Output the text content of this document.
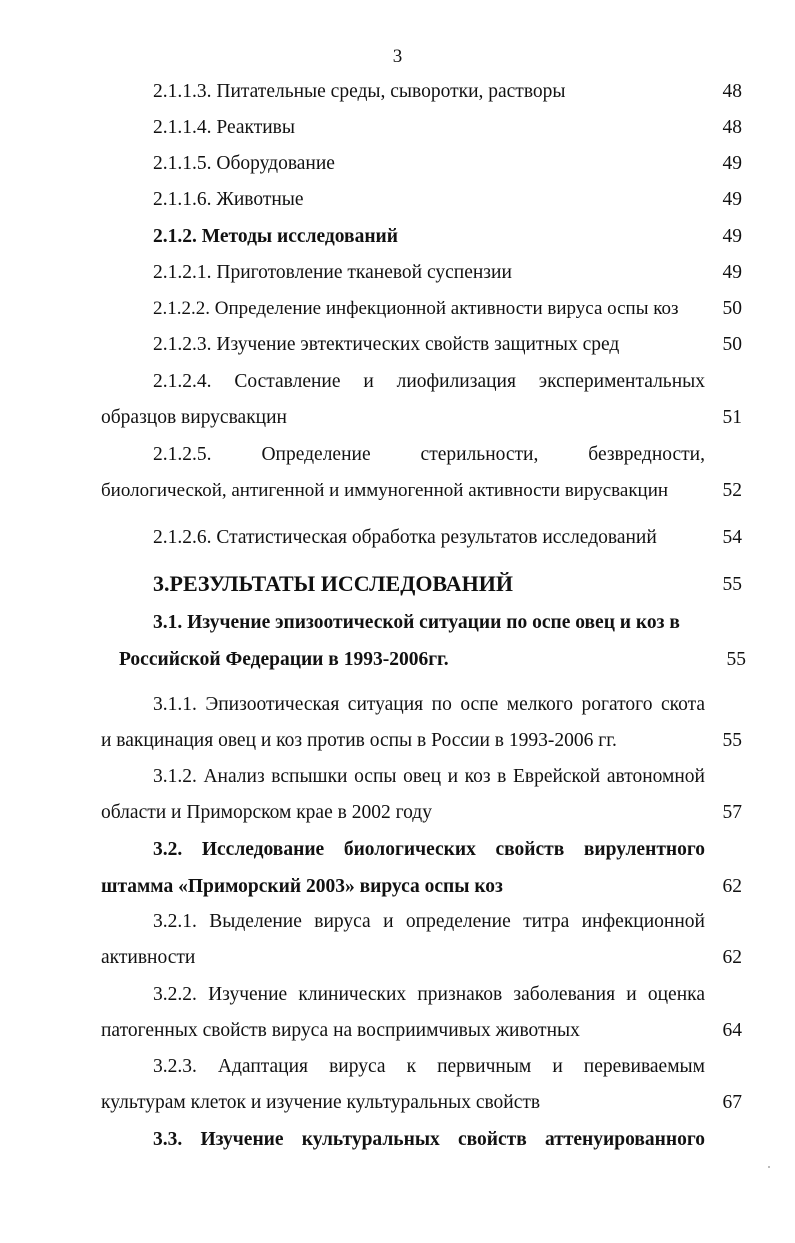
3
2.1.1.3. Питательные среды, сыворотки, растворы	48
2.1.1.4. Реактивы	48
2.1.1.5. Оборудование	49
2.1.1.6. Животные	49
2.1.2. Методы исследований	49
2.1.2.1. Приготовление тканевой суспензии	49
2.1.2.2. Определение инфекционной активности вируса оспы коз	50
2.1.2.3. Изучение эвтектических свойств защитных сред	50
2.1.2.4. Составление и лиофилизация экспериментальных
образцов вирусвакцин	51
2.1.2.5. Определение стерильности, безвредности,
биологической, антигенной и иммуногенной активности вирусвакцин	52
2.1.2.6. Статистическая обработка результатов исследований	54
3.РЕЗУЛЬТАТЫ ИССЛЕДОВАНИЙ	55
3.1. Изучение эпизоотической ситуации по оспе овец и коз в
Российской Федерации в 1993-2006гг.	55
3.1.1. Эпизоотическая ситуация по оспе мелкого рогатого скота
и вакцинация овец и коз против оспы в России в 1993-2006 гг.	55
3.1.2. Анализ вспышки оспы овец и коз в Еврейской автономной
области и Приморском крае в 2002 году	57
3.2. Исследование биологических свойств вирулентного
штамма «Приморский 2003» вируса оспы коз	62
3.2.1. Выделение вируса и определение титра инфекционной
активности	62
3.2.2. Изучение клинических признаков заболевания и оценка
патогенных свойств вируса на восприимчивых животных	64
3.2.3. Адаптация вируса к первичным и перевиваемым
культурам клеток и изучение культуральных свойств	67
3.3. Изучение культуральных свойств аттенуированного
